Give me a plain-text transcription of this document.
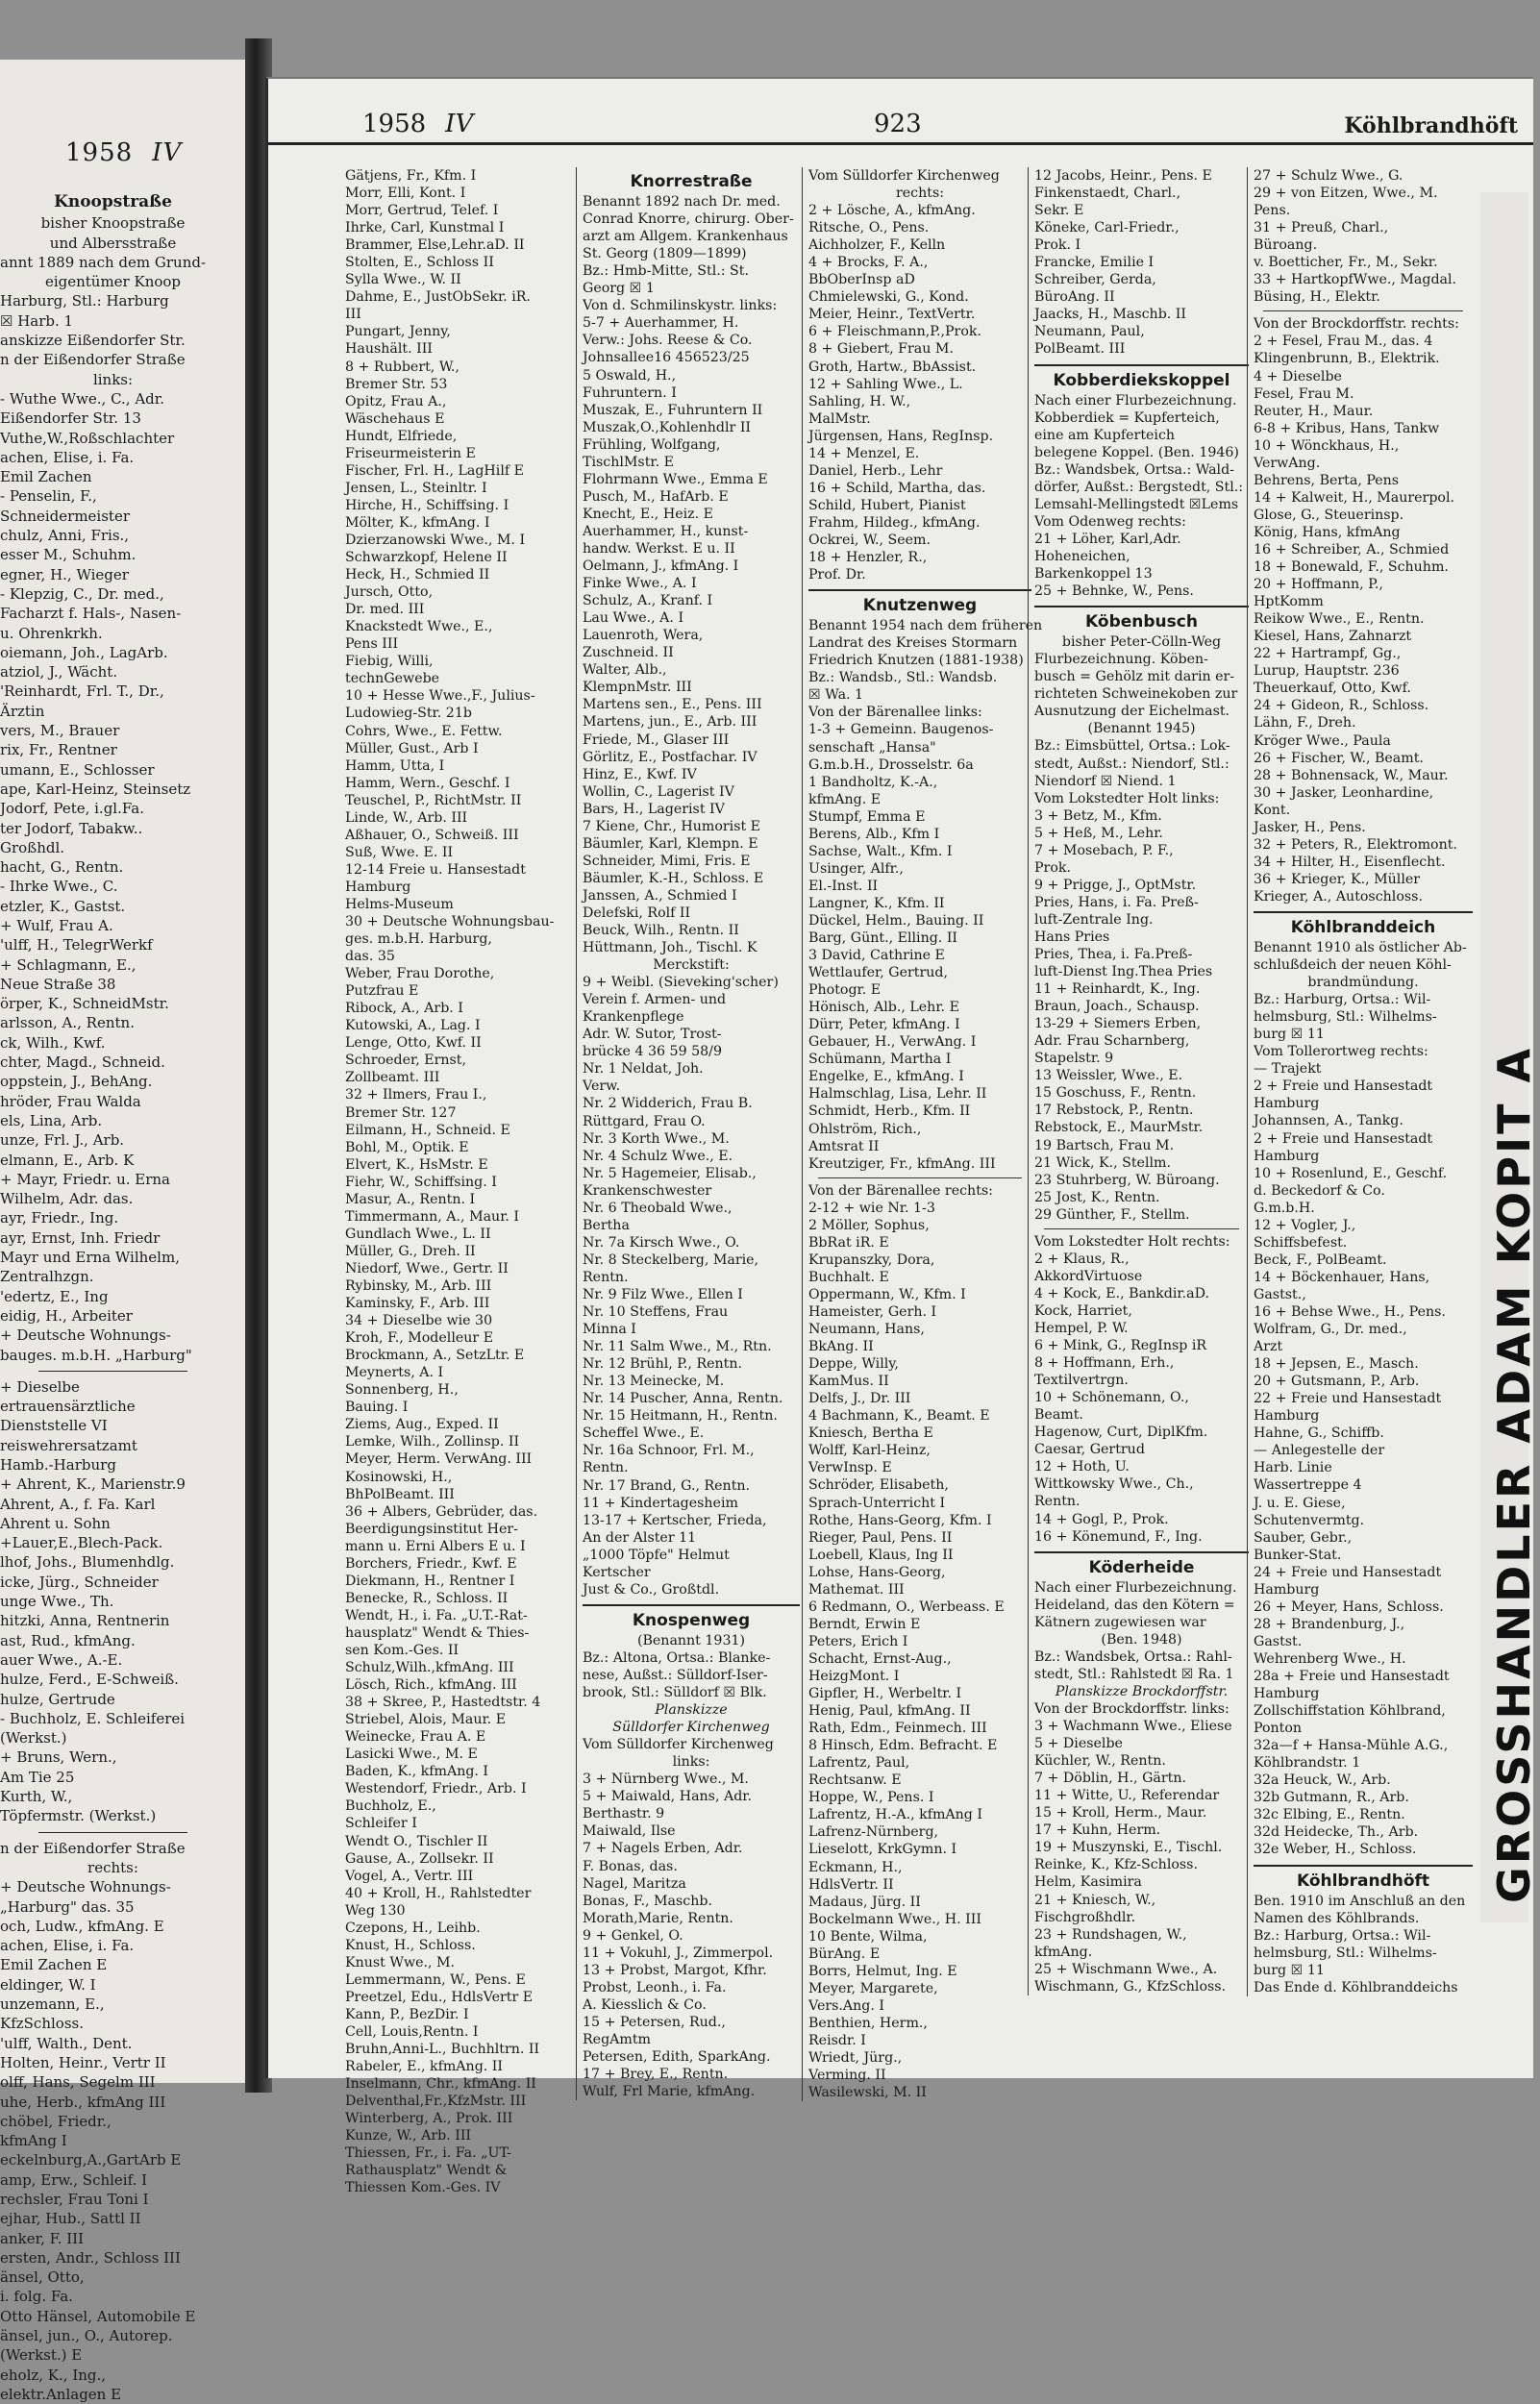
1958 IV
Knoopstraße
bisher Knoopstraße
und Albersstraße
annt 1889 nach dem Grund-
eigentümer Knoop
Harburg, Stl.: Harburg
☒ Harb. 1
anskizze Eißendorfer Str.
n der Eißendorfer Straße
links:
- Wuthe Wwe., C., Adr.
Eißendorfer Str. 13
Vuthe,W.,Roßschlachter
achen, Elise, i. Fa.
Emil Zachen
- Penselin, F.,
Schneidermeister
chulz, Anni, Fris.,
esser M., Schuhm.
egner, H., Wieger
- Klepzig, C., Dr. med.,
Facharzt f. Hals-, Nasen-
u. Ohrenkrkh.
oiemann, Joh., LagArb.
atziol, J., Wächt.
'Reinhardt, Frl. T., Dr.,
Ärztin
vers, M., Brauer
rix, Fr., Rentner
umann, E., Schlosser
ape, Karl-Heinz, Steinsetz
Jodorf, Pete, i.gl.Fa.
ter Jodorf, Tabakw..
Großhdl.
hacht, G., Rentn.
- Ihrke Wwe., C.
etzler, K., Gastst.
+ Wulf, Frau A.
'ulff, H., TelegrWerkf
+ Schlagmann, E.,
Neue Straße 38
örper, K., SchneidMstr.
arlsson, A., Rentn.
ck, Wilh., Kwf.
chter, Magd., Schneid.
oppstein, J., BehAng.
hröder, Frau Walda
els, Lina, Arb.
unze, Frl. J., Arb.
elmann, E., Arb. K
+ Mayr, Friedr. u. Erna
Wilhelm, Adr. das.
ayr, Friedr., Ing.
ayr, Ernst, Inh. Friedr
Mayr und Erna Wilhelm,
Zentralhzgn.
'edertz, E., Ing
eidig, H., Arbeiter
+ Deutsche Wohnungs-
bauges. m.b.H. „Harburg"
+ Dieselbe
ertrauensärztliche
Dienststelle VI
reiswehrersatzamt
Hamb.-Harburg
+ Ahrent, K., Marienstr.9
Ahrent, A., f. Fa. Karl
Ahrent u. Sohn
+Lauer,E.,Blech-Pack.
lhof, Johs., Blumenhdlg.
icke, Jürg., Schneider
unge Wwe., Th.
hitzki, Anna, Rentnerin
ast, Rud., kfmAng.
auer Wwe., A.-E.
hulze, Ferd., E-Schweiß.
hulze, Gertrude
- Buchholz, E. Schleiferei
(Werkst.)
+ Bruns, Wern.,
Am Tie 25
Kurth, W.,
Töpfermstr. (Werkst.)
n der Eißendorfer Straße
rechts:
+ Deutsche Wohnungs-
„Harburg" das. 35
och, Ludw., kfmAng. E
achen, Elise, i. Fa.
Emil Zachen E
eldinger, W. I
unzemann, E.,
KfzSchloss.
'ulff, Walth., Dent.
Holten, Heinr., Vertr II
olff, Hans, Segelm III
uhe, Herb., kfmAng III
chöbel, Friedr.,
kfmAng I
eckelnburg,A.,GartArb E
amp, Erw., Schleif. I
rechsler, Frau Toni I
ejhar, Hub., Sattl II
anker, F. III
ersten, Andr., Schloss III
änsel, Otto,
i. folg. Fa.
Otto Hänsel, Automobile E
änsel, jun., O., Autorep.
(Werkst.) E
eholz, K., Ing.,
elektr.Anlagen E
1958 IV	923	Köhlbrandhöft
Gätjens, Fr., Kfm. I
Morr, Elli, Kont. I
Morr, Gertrud, Telef. I
Ihrke, Carl, Kunstmal I
Brammer, Else,Lehr.aD. II
Stolten, E., Schloss II
Sylla Wwe., W. II
Dahme, E., JustObSekr. iR.
III
Pungart, Jenny,
Haushält. III
8 + Rubbert, W.,
Bremer Str. 53
Opitz, Frau A.,
Wäschehaus E
Hundt, Elfriede,
Friseurmeisterin E
Fischer, Frl. H., LagHilf E
Jensen, L., Steinltr. I
Hirche, H., Schiffsing. I
Mölter, K., kfmAng. I
Dzierzanowski Wwe., M. I
Schwarzkopf, Helene II
Heck, H., Schmied II
Jursch, Otto,
Dr. med. III
Knackstedt Wwe., E.,
Pens III
Fiebig, Willi,
technGewebe
10 + Hesse Wwe.,F., Julius-
Ludowieg-Str. 21b
Cohrs, Wwe., E. Fettw.
Müller, Gust., Arb I
Hamm, Utta, I
Hamm, Wern., Geschf. I
Teuschel, P., RichtMstr. II
Linde, W., Arb. III
Aßhauer, O., Schweiß. III
Suß, Wwe. E. II
12-14 Freie u. Hansestadt
Hamburg
Helms-Museum
30 + Deutsche Wohnungsbau-
ges. m.b.H. Harburg,
das. 35
Weber, Frau Dorothe,
Putzfrau E
Ribock, A., Arb. I
Kutowski, A., Lag. I
Lenge, Otto, Kwf. II
Schroeder, Ernst,
Zollbeamt. III
32 + Ilmers, Frau I.,
Bremer Str. 127
Eilmann, H., Schneid. E
Bohl, M., Optik. E
Elvert, K., HsMstr. E
Fiehr, W., Schiffsing. I
Masur, A., Rentn. I
Timmermann, A., Maur. I
Gundlach Wwe., L. II
Müller, G., Dreh. II
Niedorf, Wwe., Gertr. II
Rybinsky, M., Arb. III
Kaminsky, F., Arb. III
34 + Dieselbe wie 30
Kroh, F., Modelleur E
Brockmann, A., SetzLtr. E
Meynerts, A. I
Sonnenberg, H.,
Bauing. I
Ziems, Aug., Exped. II
Lemke, Wilh., Zollinsp. II
Meyer, Herm. VerwAng. III
Kosinowski, H.,
BhPolBeamt. III
36 + Albers, Gebrüder, das.
Beerdigungsinstitut Her-
mann u. Erni Albers E u. I
Borchers, Friedr., Kwf. E
Diekmann, H., Rentner I
Benecke, R., Schloss. II
Wendt, H., i. Fa. „U.T.-Rat-
hausplatz" Wendt & Thies-
sen Kom.-Ges. II
Schulz,Wilh.,kfmAng. III
Lösch, Rich., kfmAng. III
38 + Skree, P., Hastedtstr. 4
Striebel, Alois, Maur. E
Weinecke, Frau A. E
Lasicki Wwe., M. E
Baden, K., kfmAng. I
Westendorf, Friedr., Arb. I
Buchholz, E.,
Schleifer I
Wendt O., Tischler II
Gause, A., Zollsekr. II
Vogel, A., Vertr. III
40 + Kroll, H., Rahlstedter
Weg 130
Czepons, H., Leihb.
Knust, H., Schloss.
Knust Wwe., M.
Lemmermann, W., Pens. E
Preetzel, Edu., HdlsVertr E
Kann, P., BezDir. I
Cell, Louis,Rentn. I
Bruhn,Anni-L., Buchhltrn. II
Rabeler, E., kfmAng. II
Inselmann, Chr., kfmAng. II
Delventhal,Fr.,KfzMstr. III
Winterberg, A., Prok. III
Kunze, W., Arb. III
Thiessen, Fr., i. Fa. „UT-
Rathausplatz" Wendt &
Thiessen Kom.-Ges. IV
Knorrestraße
Benannt 1892 nach Dr. med.
Conrad Knorre, chirurg. Ober-
arzt am Allgem. Krankenhaus
St. Georg (1809—1899)
Bz.: Hmb-Mitte, Stl.: St.
Georg ☒ 1
Von d. Schmilinskystr. links:
5-7 + Auerhammer, H.
Verw.: Johs. Reese & Co.
Johnsallee16 456523/25
5 Oswald, H.,
Fuhruntern. I
Muszak, E., Fuhruntern II
Muszak,O.,Kohlenhdlr II
Frühling, Wolfgang,
TischlMstr. E
Flohrmann Wwe., Emma E
Pusch, M., HafArb. E
Knecht, E., Heiz. E
Auerhammer, H., kunst-
handw. Werkst. E u. II
Oelmann, J., kfmAng. I
Finke Wwe., A. I
Schulz, A., Kranf. I
Lau Wwe., A. I
Lauenroth, Wera,
Zuschneid. II
Walter, Alb.,
KlempnMstr. III
Martens sen., E., Pens. III
Martens, jun., E., Arb. III
Friede, M., Glaser III
Görlitz, E., Postfachar. IV
Hinz, E., Kwf. IV
Wollin, C., Lagerist IV
Bars, H., Lagerist IV
7 Kiene, Chr., Humorist E
Bäumler, Karl, Klempn. E
Schneider, Mimi, Fris. E
Bäumler, K.-H., Schloss. E
Janssen, A., Schmied I
Delefski, Rolf II
Beuck, Wilh., Rentn. II
Hüttmann, Joh., Tischl. K
Merckstift:
9 + Weibl. (Sieveking'scher)
Verein f. Armen- und
Krankenpflege
Adr. W. Sutor, Trost-
brücke 4 36 59 58/9
Nr. 1 Neldat, Joh.
Verw.
Nr. 2 Widderich, Frau B.
Rüttgard, Frau O.
Nr. 3 Korth Wwe., M.
Nr. 4 Schulz Wwe., E.
Nr. 5 Hagemeier, Elisab.,
Krankenschwester
Nr. 6 Theobald Wwe.,
Bertha
Nr. 7a Kirsch Wwe., O.
Nr. 8 Steckelberg, Marie,
Rentn.
Nr. 9 Filz Wwe., Ellen I
Nr. 10 Steffens, Frau
Minna I
Nr. 11 Salm Wwe., M., Rtn.
Nr. 12 Brühl, P., Rentn.
Nr. 13 Meinecke, M.
Nr. 14 Puscher, Anna, Rentn.
Nr. 15 Heitmann, H., Rentn.
Scheffel Wwe., E.
Nr. 16a Schnoor, Frl. M.,
Rentn.
Nr. 17 Brand, G., Rentn.
11 + Kindertagesheim
13-17 + Kertscher, Frieda,
An der Alster 11
„1000 Töpfe" Helmut
Kertscher
Just & Co., Großtdl.
Knospenweg
(Benannt 1931)
Bz.: Altona, Ortsa.: Blanke-
nese, Außst.: Sülldorf-Iser-
brook, Stl.: Sülldorf ☒ Blk.
Planskizze
Sülldorfer Kirchenweg
Vom Sülldorfer Kirchenweg
links:
3 + Nürnberg Wwe., M.
5 + Maiwald, Hans, Adr.
Berthastr. 9
Maiwald, Ilse
7 + Nagels Erben, Adr.
F. Bonas, das.
Nagel, Maritza
Bonas, F., Maschb.
Morath,Marie, Rentn.
9 + Genkel, O.
11 + Vokuhl, J., Zimmerpol.
13 + Probst, Margot, Kfhr.
Probst, Leonh., i. Fa.
A. Kiesslich & Co.
15 + Petersen, Rud.,
RegAmtm
Petersen, Edith, SparkAng.
17 + Brey, E., Rentn.
Wulf, Frl Marie, kfmAng.
Vom Sülldorfer Kirchenweg
rechts:
2 + Lösche, A., kfmAng.
Ritsche, O., Pens.
Aichholzer, F., Kelln
4 + Brocks, F. A.,
BbOberInsp aD
Chmielewski, G., Kond.
Meier, Heinr., TextVertr.
6 + Fleischmann,P.,Prok.
8 + Giebert, Frau M.
Groth, Hartw., BbAssist.
12 + Sahling Wwe., L.
Sahling, H. W.,
MalMstr.
Jürgensen, Hans, RegInsp.
14 + Menzel, E.
Daniel, Herb., Lehr
16 + Schild, Martha, das.
Schild, Hubert, Pianist
Frahm, Hildeg., kfmAng.
Ockrei, W., Seem.
18 + Henzler, R.,
Prof. Dr.
Knutzenweg
Benannt 1954 nach dem früheren
Landrat des Kreises Stormarn
Friedrich Knutzen (1881-1938)
Bz.: Wandsb., Stl.: Wandsb.
☒ Wa. 1
Von der Bärenallee links:
1-3 + Gemeinn. Baugenos-
senschaft „Hansa"
G.m.b.H., Drosselstr. 6a
1 Bandholtz, K.-A.,
kfmAng. E
Stumpf, Emma E
Berens, Alb., Kfm I
Sachse, Walt., Kfm. I
Usinger, Alfr.,
El.-Inst. II
Langner, K., Kfm. II
Dückel, Helm., Bauing. II
Barg, Günt., Elling. II
3 David, Cathrine E
Wettlaufer, Gertrud,
Photogr. E
Hönisch, Alb., Lehr. E
Dürr, Peter, kfmAng. I
Gebauer, H., VerwAng. I
Schümann, Martha I
Engelke, E., kfmAng. I
Halmschlag, Lisa, Lehr. II
Schmidt, Herb., Kfm. II
Ohlström, Rich.,
Amtsrat II
Kreutziger, Fr., kfmAng. III
Von der Bärenallee rechts:
2-12 + wie Nr. 1-3
2 Möller, Sophus,
BbRat iR. E
Krupanszky, Dora,
Buchhalt. E
Oppermann, W., Kfm. I
Hameister, Gerh. I
Neumann, Hans,
BkAng. II
Deppe, Willy,
KamMus. II
Delfs, J., Dr. III
4 Bachmann, K., Beamt. E
Kniesch, Bertha E
Wolff, Karl-Heinz,
VerwInsp. E
Schröder, Elisabeth,
Sprach-Unterricht I
Rothe, Hans-Georg, Kfm. I
Rieger, Paul, Pens. II
Loebell, Klaus, Ing II
Lohse, Hans-Georg,
Mathemat. III
6 Redmann, O., Werbeass. E
Berndt, Erwin E
Peters, Erich I
Schacht, Ernst-Aug.,
HeizgMont. I
Gipfler, H., Werbeltr. I
Henig, Paul, kfmAng. II
Rath, Edm., Feinmech. III
8 Hinsch, Edm. Befracht. E
Lafrentz, Paul,
Rechtsanw. E
Hoppe, W., Pens. I
Lafrentz, H.-A., kfmAng I
Lafrenz-Nürnberg,
Lieselott, KrkGymn. I
Eckmann, H.,
HdlsVertr. II
Madaus, Jürg. II
Bockelmann Wwe., H. III
10 Bente, Wilma,
BürAng. E
Borrs, Helmut, Ing. E
Meyer, Margarete,
Vers.Ang. I
Benthien, Herm.,
Reisdr. I
Wriedt, Jürg.,
Verming. II
Wasilewski, M. II
12 Jacobs, Heinr., Pens. E
Finkenstaedt, Charl.,
Sekr. E
Köneke, Carl-Friedr.,
Prok. I
Francke, Emilie I
Schreiber, Gerda,
BüroAng. II
Jaacks, H., Maschb. II
Neumann, Paul,
PolBeamt. III
Kobberdiekskoppel
Nach einer Flurbezeichnung.
Kobberdiek = Kupferteich,
eine am Kupferteich
belegene Koppel. (Ben. 1946)
Bz.: Wandsbek, Ortsa.: Wald-
dörfer, Außst.: Bergstedt, Stl.:
Lemsahl-Mellingstedt ☒Lems
Vom Odenweg rechts:
21 + Löher, Karl,Adr.
Hoheneichen,
Barkenkoppel 13
25 + Behnke, W., Pens.
Köbenbusch
bisher Peter-Cölln-Weg
Flurbezeichnung. Köben-
busch = Gehölz mit darin er-
richteten Schweinekoben zur
Ausnutzung der Eichelmast.
(Benannt 1945)
Bz.: Eimsbüttel, Ortsa.: Lok-
stedt, Außst.: Niendorf, Stl.:
Niendorf ☒ Niend. 1
Vom Lokstedter Holt links:
3 + Betz, M., Kfm.
5 + Heß, M., Lehr.
7 + Mosebach, P. F.,
Prok.
9 + Prigge, J., OptMstr.
Pries, Hans, i. Fa. Preß-
luft-Zentrale Ing.
Hans Pries
Pries, Thea, i. Fa.Preß-
luft-Dienst Ing.Thea Pries
11 + Reinhardt, K., Ing.
Braun, Joach., Schausp.
13-29 + Siemers Erben,
Adr. Frau Scharnberg,
Stapelstr. 9
13 Weissler, Wwe., E.
15 Goschuss, F., Rentn.
17 Rebstock, P., Rentn.
Rebstock, E., MaurMstr.
19 Bartsch, Frau M.
21 Wick, K., Stellm.
23 Stuhrberg, W. Büroang.
25 Jost, K., Rentn.
29 Günther, F., Stellm.
Vom Lokstedter Holt rechts:
2 + Klaus, R.,
AkkordVirtuose
4 + Kock, E., Bankdir.aD.
Kock, Harriet,
Hempel, P. W.
6 + Mink, G., RegInsp iR
8 + Hoffmann, Erh.,
Textilvertrgn.
10 + Schönemann, O.,
Beamt.
Hagenow, Curt, DiplKfm.
Caesar, Gertrud
12 + Hoth, U.
Wittkowsky Wwe., Ch.,
Rentn.
14 + Gogl, P., Prok.
16 + Könemund, F., Ing.
Köderheide
Nach einer Flurbezeichnung.
Heideland, das den Kötern =
Kätnern zugewiesen war
(Ben. 1948)
Bz.: Wandsbek, Ortsa.: Rahl-
stedt, Stl.: Rahlstedt ☒ Ra. 1
Planskizze Brockdorffstr.
Von der Brockdorffstr. links:
3 + Wachmann Wwe., Eliese
5 + Dieselbe
Küchler, W., Rentn.
7 + Döblin, H., Gärtn.
11 + Witte, U., Referendar
15 + Kroll, Herm., Maur.
17 + Kuhn, Herm.
19 + Muszynski, E., Tischl.
Reinke, K., Kfz-Schloss.
Helm, Kasimira
21 + Kniesch, W.,
Fischgroßhdlr.
23 + Rundshagen, W.,
kfmAng.
25 + Wischmann Wwe., A.
Wischmann, G., KfzSchloss.
27 + Schulz Wwe., G.
29 + von Eitzen, Wwe., M.
Pens.
31 + Preuß, Charl.,
Büroang.
v. Boetticher, Fr., M., Sekr.
33 + HartkopfWwe., Magdal.
Büsing, H., Elektr.
Von der Brockdorffstr. rechts:
2 + Fesel, Frau M., das. 4
Klingenbrunn, B., Elektrik.
4 + Dieselbe
Fesel, Frau M.
Reuter, H., Maur.
6-8 + Kribus, Hans, Tankw
10 + Wönckhaus, H.,
VerwAng.
Behrens, Berta, Pens
14 + Kalweit, H., Maurerpol.
Glose, G., Steuerinsp.
König, Hans, kfmAng
16 + Schreiber, A., Schmied
18 + Bonewald, F., Schuhm.
20 + Hoffmann, P.,
HptKomm
Reikow Wwe., E., Rentn.
Kiesel, Hans, Zahnarzt
22 + Hartrampf, Gg.,
Lurup, Hauptstr. 236
Theuerkauf, Otto, Kwf.
24 + Gideon, R., Schloss.
Lähn, F., Dreh.
Kröger Wwe., Paula
26 + Fischer, W., Beamt.
28 + Bohnensack, W., Maur.
30 + Jasker, Leonhardine,
Kont.
Jasker, H., Pens.
32 + Peters, R., Elektromont.
34 + Hilter, H., Eisenflecht.
36 + Krieger, K., Müller
Krieger, A., Autoschloss.
Köhlbranddeich
Benannt 1910 als östlicher Ab-
schlußdeich der neuen Köhl-
brandmündung.
Bz.: Harburg, Ortsa.: Wil-
helmsburg, Stl.: Wilhelms-
burg ☒ 11
Vom Tollerortweg rechts:
— Trajekt
2 + Freie und Hansestadt
Hamburg
Johannsen, A., Tankg.
2 + Freie und Hansestadt
Hamburg
10 + Rosenlund, E., Geschf.
d. Beckedorf & Co.
G.m.b.H.
12 + Vogler, J.,
Schiffsbefest.
Beck, F., PolBeamt.
14 + Böckenhauer, Hans,
Gastst.,
16 + Behse Wwe., H., Pens.
Wolfram, G., Dr. med.,
Arzt
18 + Jepsen, E., Masch.
20 + Gutsmann, P., Arb.
22 + Freie und Hansestadt
Hamburg
Hahne, G., Schiffb.
— Anlegestelle der
Harb. Linie
Wassertreppe 4
J. u. E. Giese,
Schutenvermtg.
Sauber, Gebr.,
Bunker-Stat.
24 + Freie und Hansestadt
Hamburg
26 + Meyer, Hans, Schloss.
28 + Brandenburg, J.,
Gastst.
Wehrenberg Wwe., H.
28a + Freie und Hansestadt
Hamburg
Zollschiffstation Köhlbrand,
Ponton
32a—f + Hansa-Mühle A.G.,
Köhlbrandstr. 1
32a Heuck, W., Arb.
32b Gutmann, R., Arb.
32c Elbing, E., Rentn.
32d Heidecke, Th., Arb.
32e Weber, H., Schloss.
Köhlbrandhöft
Ben. 1910 im Anschluß an den
Namen des Köhlbrands.
Bz.: Harburg, Ortsa.: Wil-
helmsburg, Stl.: Wilhelms-
burg ☒ 11
Das Ende d. Köhlbranddeichs
GROSSHANDLER ADAM KOPIT A
